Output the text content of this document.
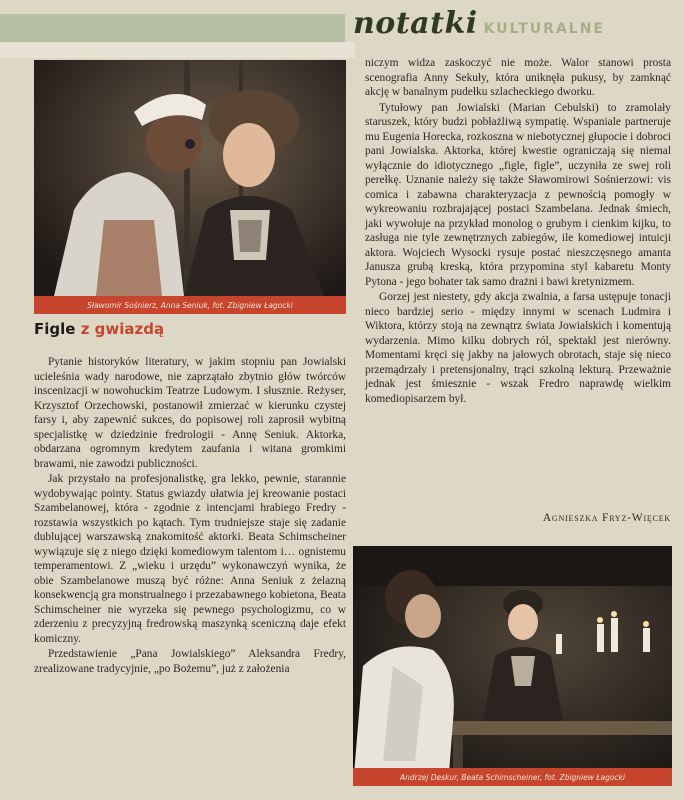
notatki KULTURALNE
Sławomir Sośnierz, Anna Seniuk, fot. Zbigniew Łagocki
Figle z gwiazdą

Pytanie historyków literatury, w jakim stopniu pan Jowialski ucieleśnia wady narodowe, nie zaprzątało zbytnio głów twórców inscenizacji w nowohuckim Teatrze Ludowym. I słusznie. Reżyser, Krzysztof Orzechowski, postanowił zmierzać w kierunku czystej farsy i, aby zapewnić sukces, do popisowej roli zaprosił wybitną specjalistkę w dziedzinie fredrologii - Annę Seniuk. Aktorka, obdarzana ogromnym kredytem zaufania i witana gromkimi brawami, nie zawodzi publiczności.

Jak przystało na profesjonalistkę, gra lekko, pewnie, starannie wydobywając pointy. Status gwiazdy ułatwia jej kreowanie postaci Szambelanowej, która - zgodnie z intencjami hrabiego Fredry - rozstawia wszystkich po kątach. Tym trudniejsze staje się zadanie dublującej warszawską znakomitość aktorki. Beata Schimscheiner wywiązuje się z niego dzięki komediowym talentom i… ognistemu temperamentowi. Z „wieku i urzędu” wykonawczyń wynika, że obie Szambelanowe muszą być różne: Anna Seniuk z żelazną konsekwencją gra monstrualnego i przezabawnego kobietona, Beata Schimscheiner nie wyrzeka się pewnego psychologizmu, co w zderzeniu z precyzyjną fredrowską maszynką sceniczną daje efekt komiczny.

Przedstawienie „Pana Jowialskiego” Aleksandra Fredry, zrealizowane tradycyjnie, „po Bożemu”, już z założenia

niczym widza zaskoczyć nie może. Walor stanowi prosta scenografia Anny Sekuły, która uniknęła pukusy, by zamknąć akcję w banalnym pudełku szlacheckiego dworku.

Tytułowy pan Jowialski (Marian Cebulski) to zramolały staruszek, który budzi pobłażliwą sympatię. Wspaniale partneruje mu Eugenia Horecka, rozkoszna w niebotycznej głupocie i dobroci pani Jowialska. Aktorka, której kwestie ograniczają się niemal wyłącznie do idiotycznego „figle, figle”, uczyniła ze swej roli perełkę. Uznanie należy się także Sławomirowi Sośnierzowi: vis comica i zabawna charakteryzacja z pewnością pomogły w wykreowaniu rozbrajającej postaci Szambelana. Jednak śmiech, jaki wywołuje na przykład monolog o grubym i cienkim kijku, to zasługa nie tyle zewnętrznych zabiegów, ile komediowej intuicji aktora. Wojciech Wysocki rysuje postać nieszczęsnego amanta Janusza grubą kreską, która przypomina styl kabaretu Monty Pytona - jego bohater tak samo drażni i bawi kretynizmem.

Gorzej jest niestety, gdy akcja zwalnia, a farsa ustępuje tonacji nieco bardziej serio - między innymi w scenach Ludmira i Wiktora, którzy stoją na zewnątrz świata Jowialskich i komentują wydarzenia. Mimo kilku dobrych ról, spektakl jest nierówny. Momentami kręci się jakby na jałowych obrotach, staje się nieco przemądrzały i pretensjonalny, trąci szkolną lekturą. Przeważnie jednak jest śmiesznie - wszak Fredro naprawdę wielkim komediopisarzem był.

Agnieszka Fryz-Więcek
Andrzej Deskur, Beata Schimscheiner, fot. Zbigniew Łagocki
